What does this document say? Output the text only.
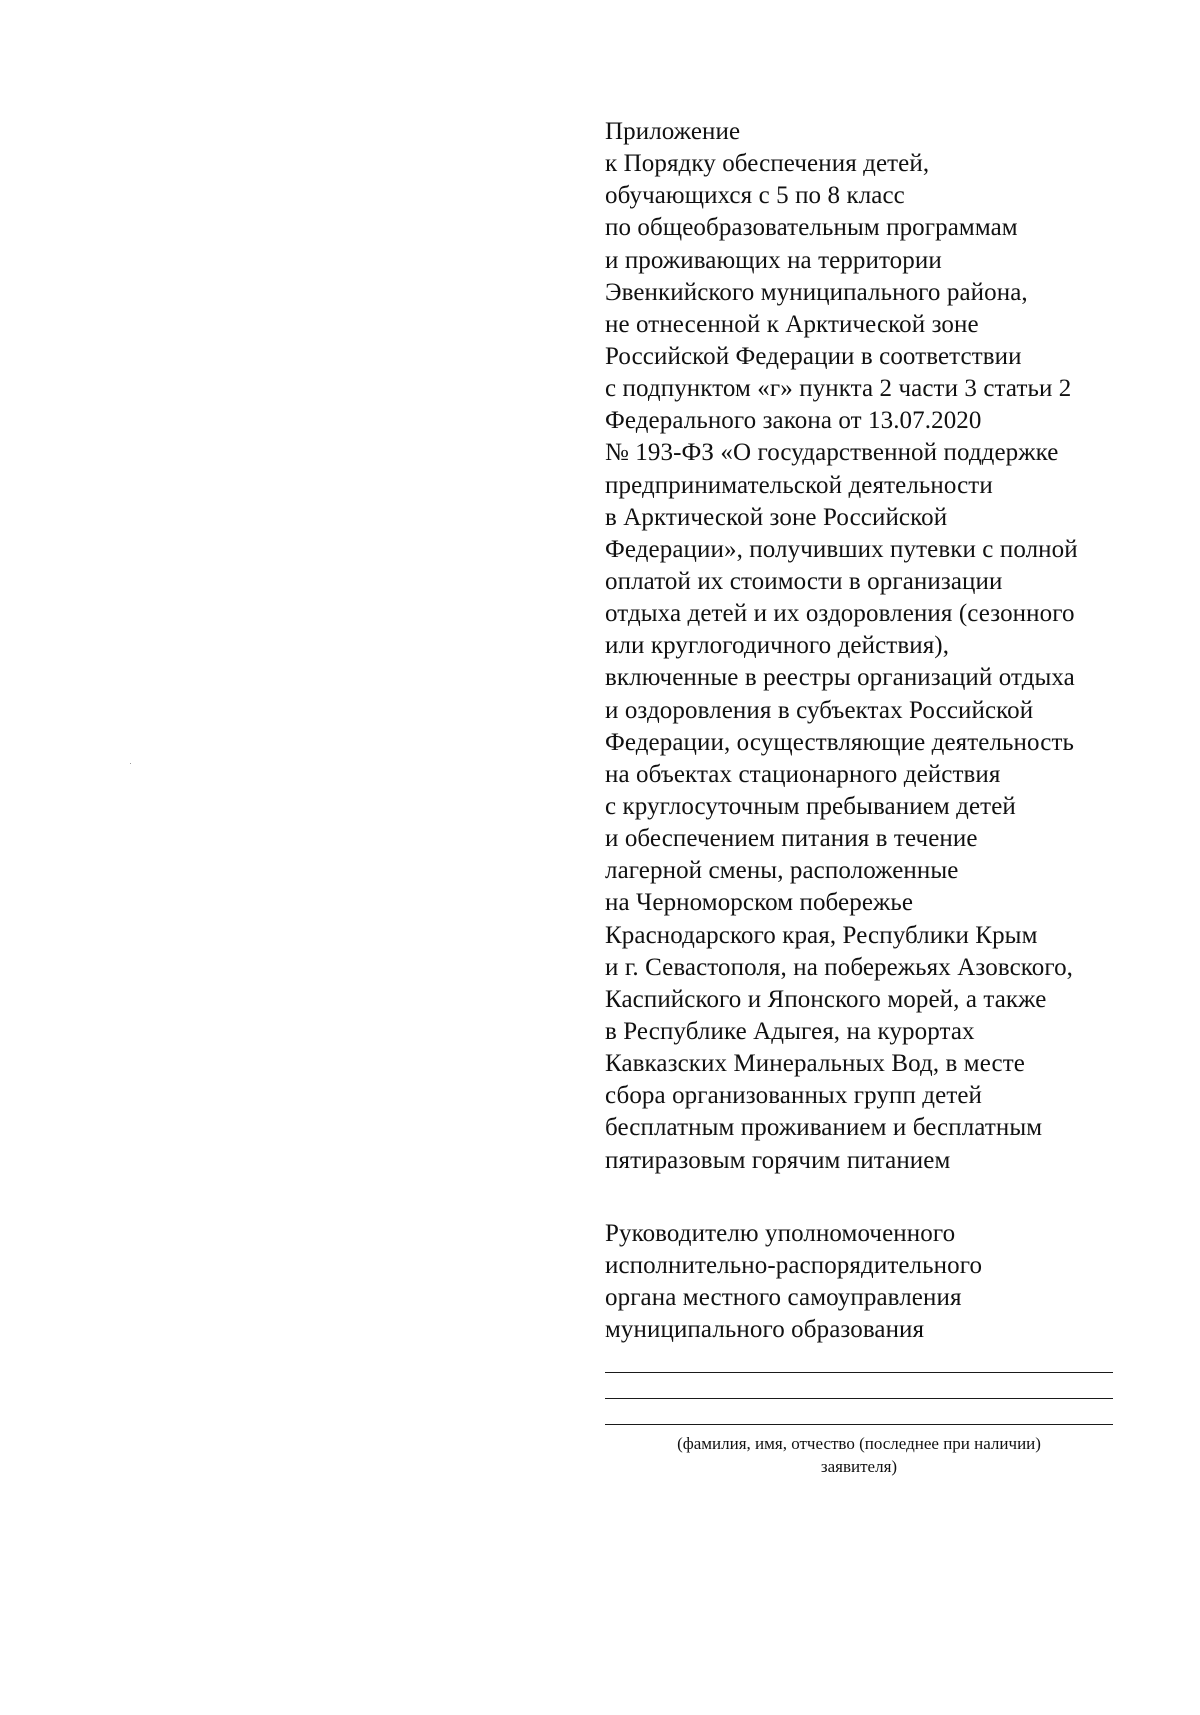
Приложение
к Порядку обеспечения детей,
обучающихся с 5 по 8 класс
по общеобразовательным программам
и проживающих на территории
Эвенкийского муниципального района,
не отнесенной к Арктической зоне
Российской Федерации в соответствии
с подпунктом «г» пункта 2 части 3 статьи 2
Федерального закона от 13.07.2020
№ 193-ФЗ «О государственной поддержке
предпринимательской деятельности
в Арктической зоне Российской
Федерации», получивших путевки с полной
оплатой их стоимости в организации
отдыха детей и их оздоровления (сезонного
или круглогодичного действия),
включенные в реестры организаций отдыха
и оздоровления в субъектах Российской
Федерации, осуществляющие деятельность
на объектах стационарного действия
с круглосуточным пребыванием детей
и обеспечением питания в течение
лагерной смены, расположенные
на Черноморском побережье
Краснодарского края, Республики Крым
и г. Севастополя, на побережьях Азовского,
Каспийского и Японского морей, а также
в Республике Адыгея, на курортах
Кавказских Минеральных Вод, в месте
сбора организованных групп детей
бесплатным проживанием и бесплатным
пятиразовым горячим питанием
Руководителю уполномоченного
исполнительно-распорядительного
органа местного самоуправления
муниципального образования
(фамилия, имя, отчество (последнее при наличии)
заявителя)
